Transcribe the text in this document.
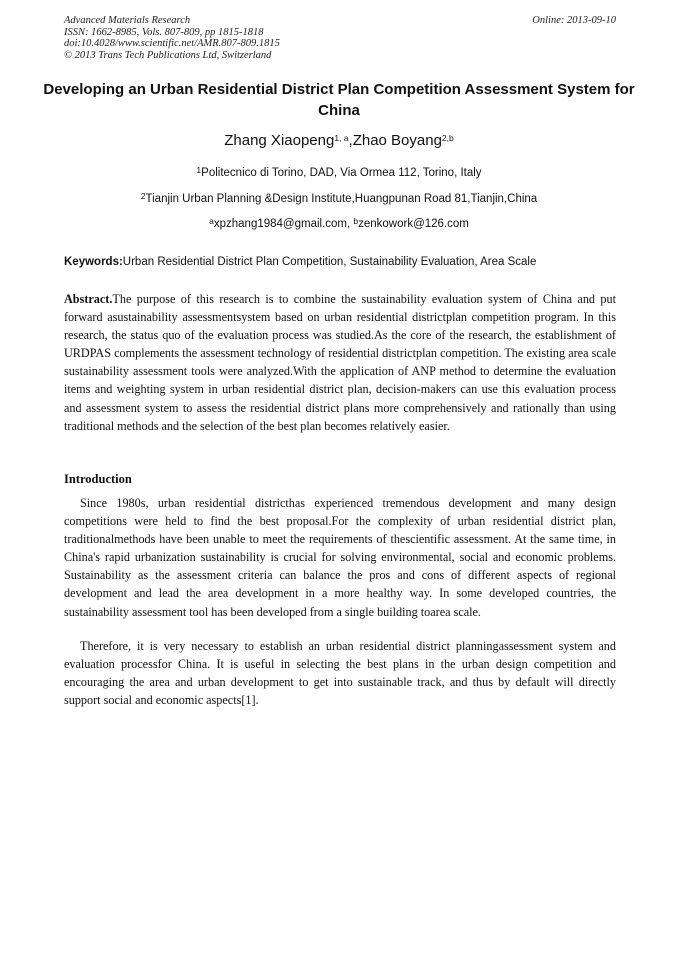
Advanced Materials Research	Online: 2013-09-10
ISSN: 1662-8985, Vols. 807-809, pp 1815-1818
doi:10.4028/www.scientific.net/AMR.807-809.1815
© 2013 Trans Tech Publications Ltd, Switzerland
Developing an Urban Residential District Plan Competition Assessment System for China
Zhang Xiaopeng$^{1, a}$,Zhao Boyang$^{2,b}$
$^1$Politecnico di Torino, DAD, Via Ormea 112, Torino, Italy
$^2$Tianjin Urban Planning &Design Institute,Huangpunan Road 81,Tianjin,China
$^a$xpzhang1984@gmail.com, $^b$zenkowork@126.com
Keywords:Urban Residential District Plan Competition, Sustainability Evaluation, Area Scale

Abstract.The purpose of this research is to combine the sustainability evaluation system of China and put forward asustainability assessmentsystem based on urban residential districtplan competition program. In this research, the status quo of the evaluation process was studied.As the core of the research, the establishment of URDPAS complements the assessment technology of residential districtplan competition. The existing area scale sustainability assessment tools were analyzed.With the application of ANP method to determine the evaluation items and weighting system in urban residential district plan, decision-makers can use this evaluation process and assessment system to assess the residential district plans more comprehensively and rationally than using traditional methods and the selection of the best plan becomes relatively easier.

Introduction

Since 1980s, urban residential districthas experienced tremendous development and many design competitions were held to find the best proposal.For the complexity of urban residential district plan, traditionalmethods have been unable to meet the requirements of thescientific assessment. At the same time, in China's rapid urbanization sustainability is crucial for solving environmental, social and economic problems. Sustainability as the assessment criteria can balance the pros and cons of different aspects of regional development and lead the area development in a more healthy way. In some developed countries, the sustainability assessment tool has been developed from a single building toarea scale.

Therefore, it is very necessary to establish an urban residential district planningassessment system and evaluation processfor China. It is useful in selecting the best plans in the urban design competition and encouraging the area and urban development to get into sustainable track, and thus by default will directly support social and economic aspects[1].
